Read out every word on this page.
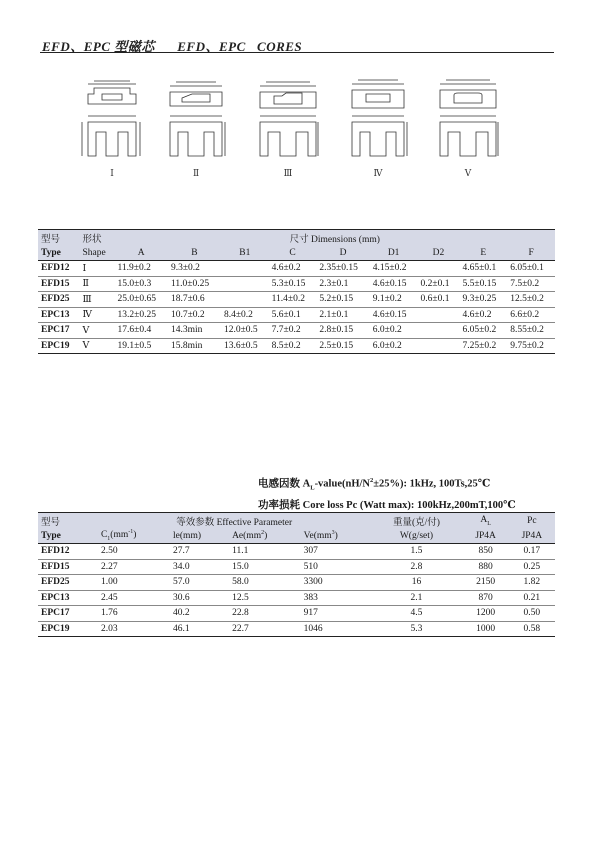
EFD、EPC 型磁芯      EFD、EPC   CORES
Ⅰ	Ⅱ	Ⅲ	Ⅳ	Ⅴ
型号	形状	尺寸 Dimensions (mm)								
Type	Shape	A	B	B1	C	D	D1	D2	E	F
EFD12	Ⅰ	11.9±0.2	9.3±0.2		4.6±0.2	2.35±0.15	4.15±0.2		4.65±0.1	6.05±0.1
EFD15	Ⅱ	15.0±0.3	11.0±0.25		5.3±0.15	2.3±0.1	4.6±0.15	0.2±0.1	5.5±0.15	7.5±0.2
EFD25	Ⅲ	25.0±0.65	18.7±0.6		11.4±0.2	5.2±0.15	9.1±0.2	0.6±0.1	9.3±0.25	12.5±0.2
EPC13	Ⅳ	13.2±0.25	10.7±0.2	8.4±0.2	5.6±0.1	2.1±0.1	4.6±0.15		4.6±0.2	6.6±0.2
EPC17	Ⅴ	17.6±0.4	14.3min	12.0±0.5	7.7±0.2	2.8±0.15	6.0±0.2		6.05±0.2	8.55±0.2
EPC19	Ⅴ	19.1±0.5	15.8min	13.6±0.5	8.5±0.2	2.5±0.15	6.0±0.2		7.25±0.2	9.75±0.2
电感因数 $A_L-value(nH/N^2\pm 25\%)$: 1kHz, 100Ts,25℃
功率损耗 Core loss Pc (Watt max): 100kHz,200mT,100℃
型号	等效参数 Effective Parameter				重量(克/付)	$A_L$	Pc
Type	$C_1(mm^{-1})$	le(mm)	$Ae(mm^2)$	$Ve(mm^3)$	W(g/set)	JP4A	JP4A
EFD12	2.50	27.7	11.1	307	1.5	850	0.17
EFD15	2.27	34.0	15.0	510	2.8	880	0.25
EFD25	1.00	57.0	58.0	3300	16	2150	1.82
EPC13	2.45	30.6	12.5	383	2.1	870	0.21
EPC17	1.76	40.2	22.8	917	4.5	1200	0.50
EPC19	2.03	46.1	22.7	1046	5.3	1000	0.58
